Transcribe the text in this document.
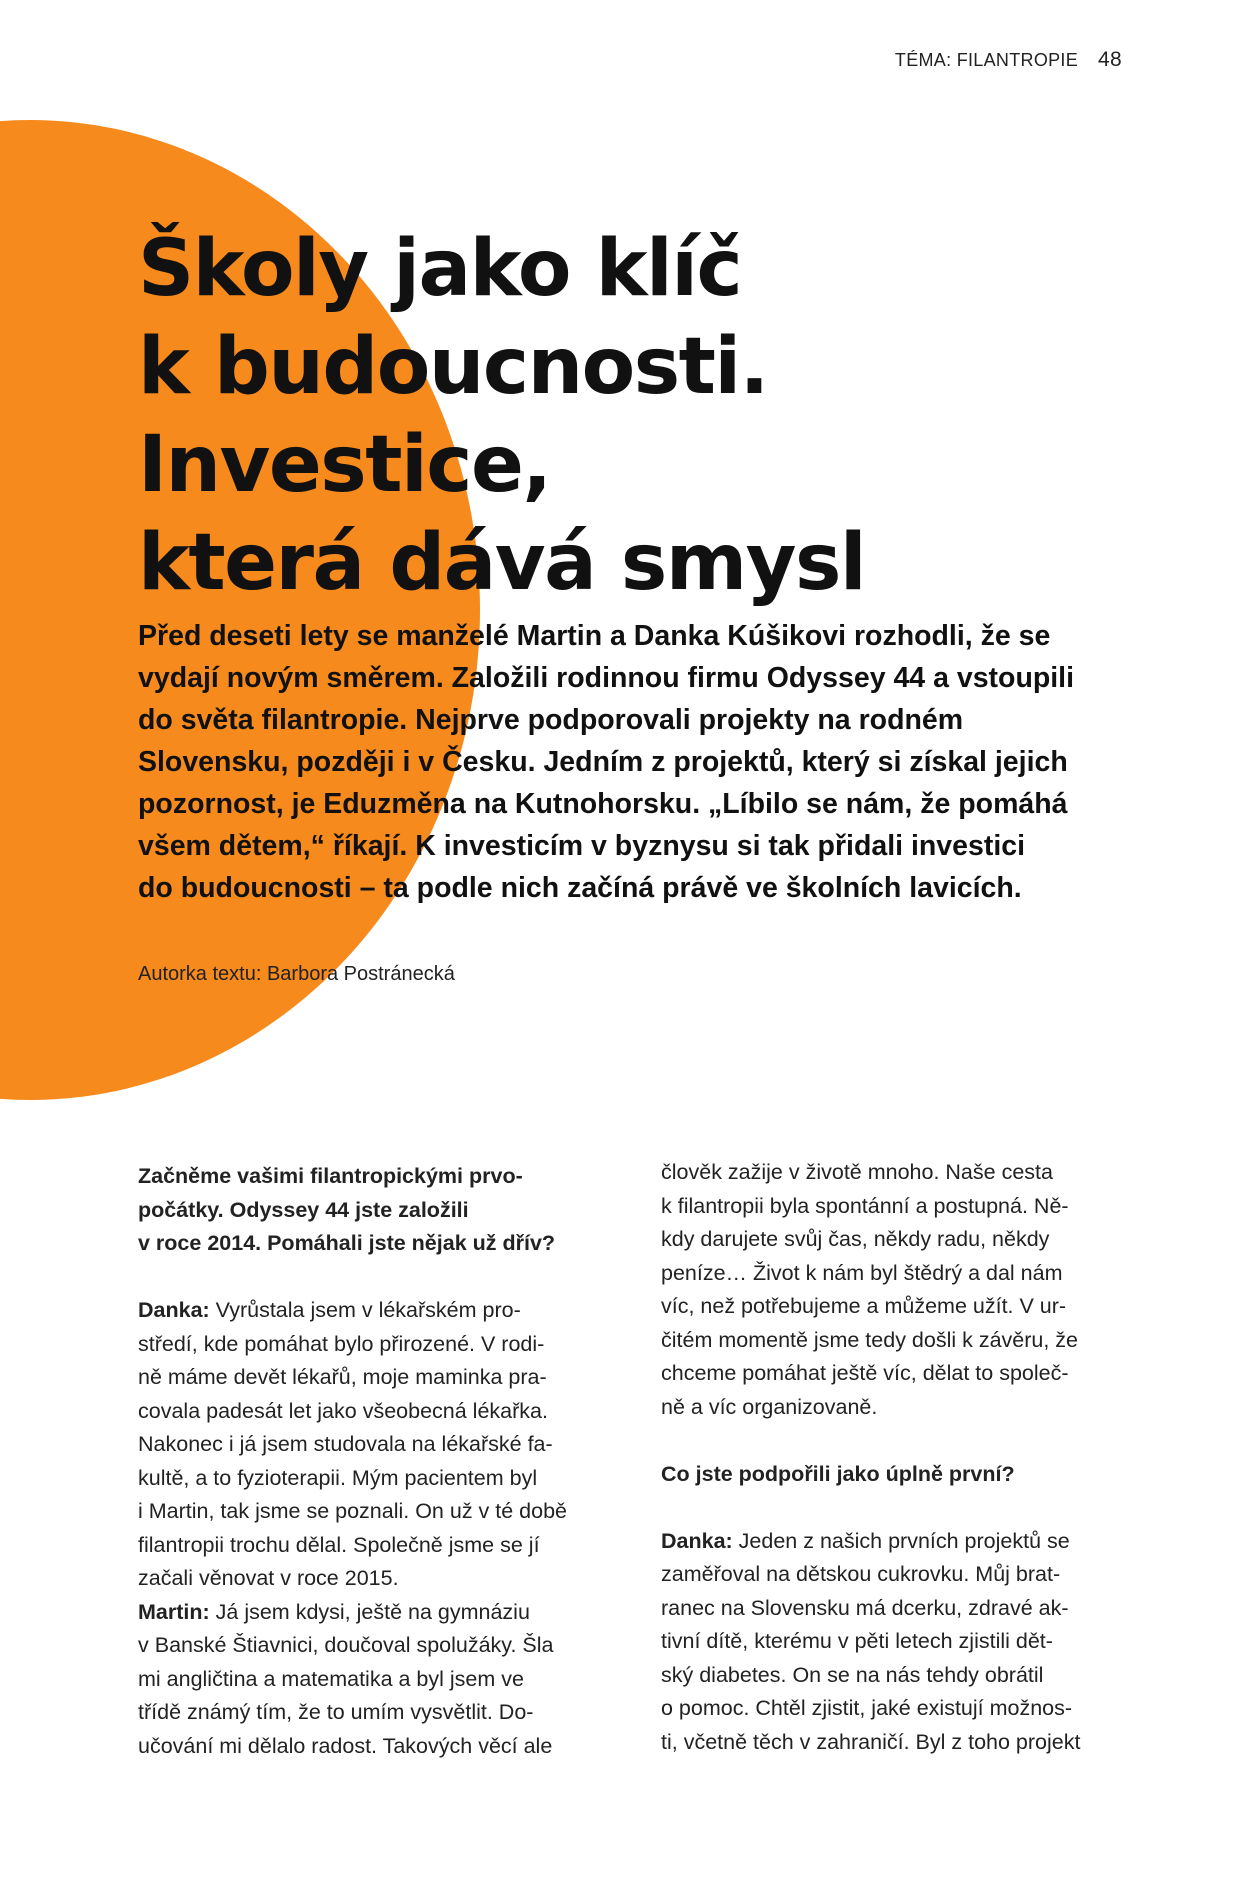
TÉMA: FILANTROPIE 48
Školy jako klíč
k budoucnosti. Investice,
která dává smysl

Před deseti lety se manželé Martin a Danka Kúšikovi rozhodli, že se
vydají novým směrem. Založili rodinnou firmu Odyssey 44 a vstoupili
do světa filantropie. Nejprve podporovali projekty na rodném
Slovensku, později i v Česku. Jedním z projektů, který si získal jejich
pozornost, je Eduzměna na Kutnohorsku. „Líbilo se nám, že pomáhá
všem dětem,“ říkají. K investicím v byznysu si tak přidali investici
do budoucnosti – ta podle nich začíná právě ve školních lavicích.

Autorka textu: Barbora Postránecká

Začněme vašimi filantropickými prvo-
počátky. Odyssey 44 jste založili
v roce 2014. Pomáhali jste nějak už dřív?

Danka: Vyrůstala jsem v lékařském pro-
středí, kde pomáhat bylo přirozené. V rodi-
ně máme devět lékařů, moje maminka pra-
covala padesát let jako všeobecná lékařka.
Nakonec i já jsem studovala na lékařské fa-
kultě, a to fyzioterapii. Mým pacientem byl
i Martin, tak jsme se poznali. On už v té době
filantropii trochu dělal. Společně jsme se jí
začali věnovat v roce 2015.

Martin: Já jsem kdysi, ještě na gymnáziu
v Banské Štiavnici, doučoval spolužáky. Šla
mi angličtina a matematika a byl jsem ve
třídě známý tím, že to umím vysvětlit. Do-
učování mi dělalo radost. Takových věcí ale

člověk zažije v životě mnoho. Naše cesta
k filantropii byla spontánní a postupná. Ně-
kdy darujete svůj čas, někdy radu, někdy
peníze… Život k nám byl štědrý a dal nám
víc, než potřebujeme a můžeme užít. V ur-
čitém momentě jsme tedy došli k závěru, že
chceme pomáhat ještě víc, dělat to společ-
ně a víc organizovaně.

Co jste podpořili jako úplně první?

Danka: Jeden z našich prvních projektů se
zaměřoval na dětskou cukrovku. Můj brat-
ranec na Slovensku má dcerku, zdravé ak-
tivní dítě, kterému v pěti letech zjistili dět-
ský diabetes. On se na nás tehdy obrátil
o pomoc. Chtěl zjistit, jaké existují možnos-
ti, včetně těch v zahraničí. Byl z toho projekt
